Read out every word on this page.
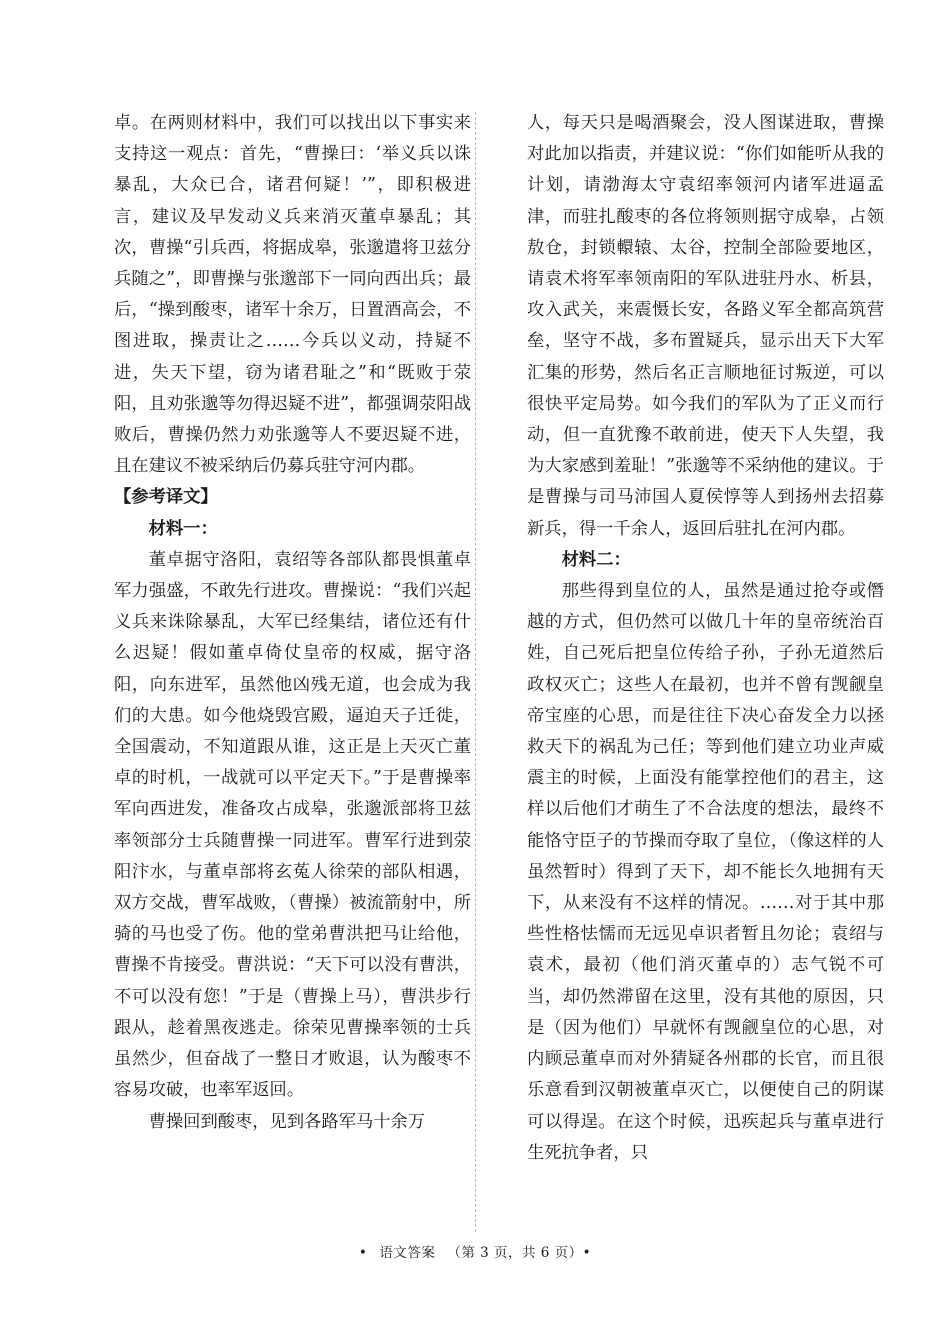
卓。在两则材料中，我们可以找出以下事实来支持这一观点：首先，“曹操曰：‘举义兵以诛暴乱，大众已合，诸君何疑！’”，即积极进言，建议及早发动义兵来消灭董卓暴乱；其次，曹操“引兵西，将据成皋，张邈遣将卫兹分兵随之”，即曹操与张邈部下一同向西出兵；最后，“操到酸枣，诸军十余万，日置酒高会，不图进取，操责让之……今兵以义动，持疑不进，失天下望，窃为诸君耻之”和“既败于荥阳，且劝张邈等勿得迟疑不进”，都强调荥阳战败后，曹操仍然力劝张邈等人不要迟疑不进，且在建议不被采纳后仍募兵驻守河内郡。

【参考译文】

材料一：

董卓据守洛阳，袁绍等各部队都畏惧董卓军力强盛，不敢先行进攻。曹操说：“我们兴起义兵来诛除暴乱，大军已经集结，诸位还有什么迟疑！假如董卓倚仗皇帝的权威，据守洛阳，向东进军，虽然他凶残无道，也会成为我们的大患。如今他烧毁宫殿，逼迫天子迁徙，全国震动，不知道跟从谁，这正是上天灭亡董卓的时机，一战就可以平定天下。”于是曹操率军向西进发，准备攻占成皋，张邈派部将卫兹率领部分士兵随曹操一同进军。曹军行进到荥阳汴水，与董卓部将玄菟人徐荣的部队相遇，双方交战，曹军战败，（曹操）被流箭射中，所骑的马也受了伤。他的堂弟曹洪把马让给他，曹操不肯接受。曹洪说：“天下可以没有曹洪，不可以没有您！”于是（曹操上马），曹洪步行跟从，趁着黑夜逃走。徐荣见曹操率领的士兵虽然少，但奋战了一整日才败退，认为酸枣不容易攻破，也率军返回。

曹操回到酸枣，见到各路军马十余万

人，每天只是喝酒聚会，没人图谋进取，曹操对此加以指责，并建议说：“你们如能听从我的计划，请渤海太守袁绍率领河内诸军进逼孟津，而驻扎酸枣的各位将领则据守成皋，占领敖仓，封锁轘辕、太谷，控制全部险要地区，请袁术将军率领南阳的军队进驻丹水、析县，攻入武关，来震慑长安，各路义军全都高筑营垒，坚守不战，多布置疑兵，显示出天下大军汇集的形势，然后名正言顺地征讨叛逆，可以很快平定局势。如今我们的军队为了正义而行动，但一直犹豫不敢前进，使天下人失望，我为大家感到羞耻！”张邈等不采纳他的建议。于是曹操与司马沛国人夏侯惇等人到扬州去招募新兵，得一千余人，返回后驻扎在河内郡。

材料二：

那些得到皇位的人，虽然是通过抢夺或僭越的方式，但仍然可以做几十年的皇帝统治百姓，自己死后把皇位传给子孙，子孙无道然后政权灭亡；这些人在最初，也并不曾有觊觎皇帝宝座的心思，而是往往下决心奋发全力以拯救天下的祸乱为己任；等到他们建立功业声威震主的时候，上面没有能掌控他们的君主，这样以后他们才萌生了不合法度的想法，最终不能恪守臣子的节操而夺取了皇位，（像这样的人虽然暂时）得到了天下，却不能长久地拥有天下，从来没有不这样的情况。……对于其中那些性格怯懦而无远见卓识者暂且勿论；袁绍与袁术，最初（他们消灭董卓的）志气锐不可当，却仍然滞留在这里，没有其他的原因，只是（因为他们）早就怀有觊觎皇位的心思，对内顾忌董卓而对外猜疑各州郡的长官，而且很乐意看到汉朝被董卓灭亡，以便使自己的阴谋可以得逞。在这个时候，迅疾起兵与董卓进行生死抗争者，只

• 语文答案 （第 3 页，共 6 页）•
